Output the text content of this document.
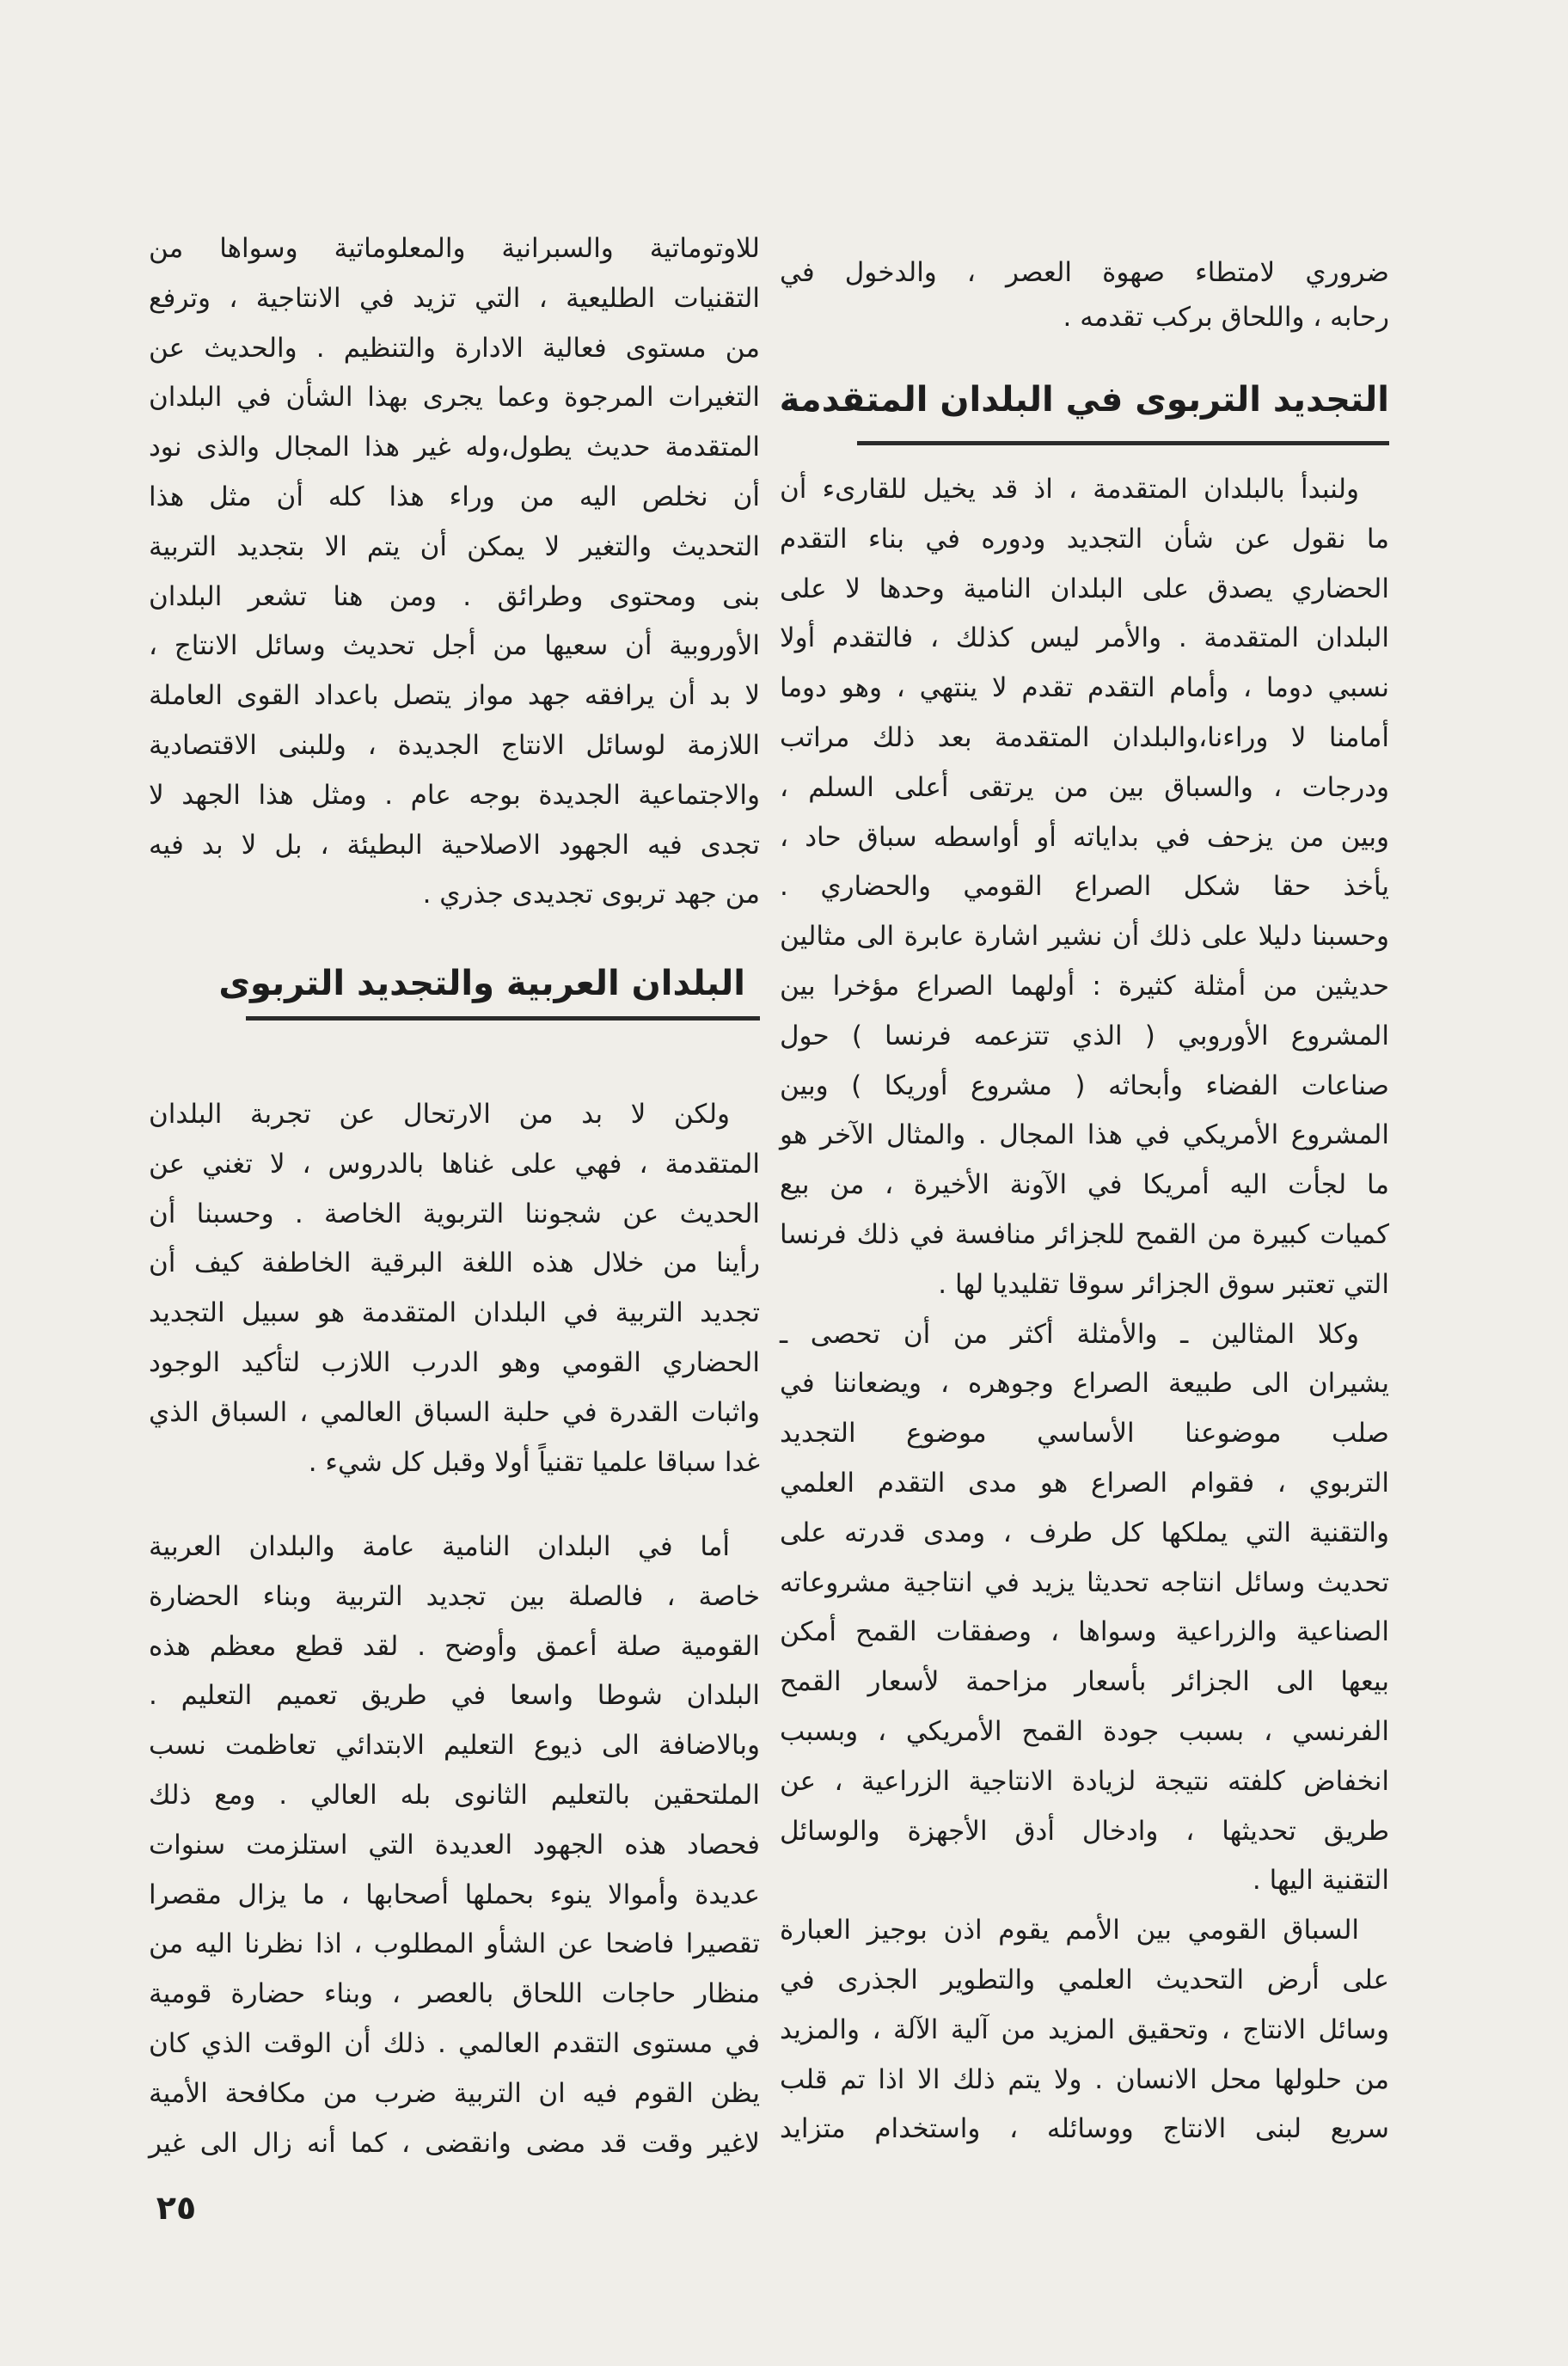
ضروري لامتطاء صهوة العصر ، والدخول في
رحابه ، واللحاق بركب تقدمه .
التجديد التربوى في البلدان المتقدمة
ولنبدأ بالبلدان المتقدمة ، اذ قد يخيل للقارىء أن
ما نقول عن شأن التجديد ودوره في بناء التقدم
الحضاري يصدق على البلدان النامية وحدها لا على
البلدان المتقدمة . والأمر ليس كذلك ، فالتقدم أولا
نسبي دوما ، وأمام التقدم تقدم لا ينتهي ، وهو دوما
أمامنا لا وراءنا،والبلدان المتقدمة بعد ذلك مراتب
ودرجات ، والسباق بين من يرتقى أعلى السلم ،
وبين من يزحف في بداياته أو أواسطه سباق حاد ،
يأخذ حقا شكل الصراع القومي والحضاري .
وحسبنا دليلا على ذلك أن نشير اشارة عابرة الى مثالين
حديثين من أمثلة كثيرة : أولهما الصراع مؤخرا بين
المشروع الأوروبي ( الذي تتزعمه فرنسا ) حول
صناعات الفضاء وأبحاثه ( مشروع أوريكا ) وبين
المشروع الأمريكي في هذا المجال . والمثال الآخر هو
ما لجأت اليه أمريكا في الآونة الأخيرة ، من بيع
كميات كبيرة من القمح للجزائر منافسة في ذلك فرنسا
التي تعتبر سوق الجزائر سوقا تقليديا لها .
وكلا المثالين ـ والأمثلة أكثر من أن تحصى ـ
يشيران الى طبيعة الصراع وجوهره ، ويضعاننا في
صلب موضوعنا الأساسي موضوع التجديد
التربوي ، فقوام الصراع هو مدى التقدم العلمي
والتقنية التي يملكها كل طرف ، ومدى قدرته على
تحديث وسائل انتاجه تحديثا يزيد في انتاجية مشروعاته
الصناعية والزراعية وسواها ، وصفقات القمح أمكن
بيعها الى الجزائر بأسعار مزاحمة لأسعار القمح
الفرنسي ، بسبب جودة القمح الأمريكي ، وبسبب
انخفاض كلفته نتيجة لزيادة الانتاجية الزراعية ، عن
طريق تحديثها ، وادخال أدق الأجهزة والوسائل
التقنية اليها .
السباق القومي بين الأمم يقوم اذن بوجيز العبارة
على أرض التحديث العلمي والتطوير الجذرى في
وسائل الانتاج ، وتحقيق المزيد من آلية الآلة ، والمزيد
من حلولها محل الانسان . ولا يتم ذلك الا اذا تم قلب
سريع لبنى الانتاج ووسائله ، واستخدام متزايد
للاوتوماتية والسبرانية والمعلوماتية وسواها من
التقنيات الطليعية ، التي تزيد في الانتاجية ، وترفع
من مستوى فعالية الادارة والتنظيم . والحديث عن
التغيرات المرجوة وعما يجرى بهذا الشأن في البلدان
المتقدمة حديث يطول،وله غير هذا المجال والذى نود
أن نخلص اليه من وراء هذا كله أن مثل هذا
التحديث والتغير لا يمكن أن يتم الا بتجديد التربية
بنى ومحتوى وطرائق . ومن هنا تشعر البلدان
الأوروبية أن سعيها من أجل تحديث وسائل الانتاج ،
لا بد أن يرافقه جهد مواز يتصل باعداد القوى العاملة
اللازمة لوسائل الانتاج الجديدة ، وللبنى الاقتصادية
والاجتماعية الجديدة بوجه عام . ومثل هذا الجهد لا
تجدى فيه الجهود الاصلاحية البطيئة ، بل لا بد فيه
من جهد تربوى تجديدى جذري .
البلدان العربية والتجديد التربوى
ولكن لا بد من الارتحال عن تجربة البلدان
المتقدمة ، فهي على غناها بالدروس ، لا تغني عن
الحديث عن شجوننا التربوية الخاصة . وحسبنا أن
رأينا من خلال هذه اللغة البرقية الخاطفة كيف أن
تجديد التربية في البلدان المتقدمة هو سبيل التجديد
الحضاري القومي وهو الدرب اللازب لتأكيد الوجود
واثبات القدرة في حلبة السباق العالمي ، السباق الذي
غدا سباقا علميا تقنياً أولا وقبل كل شيء .
أما في البلدان النامية عامة والبلدان العربية
خاصة ، فالصلة بين تجديد التربية وبناء الحضارة
القومية صلة أعمق وأوضح . لقد قطع معظم هذه
البلدان شوطا واسعا في طريق تعميم التعليم .
وبالاضافة الى ذيوع التعليم الابتدائي تعاظمت نسب
الملتحقين بالتعليم الثانوى بله العالي . ومع ذلك
فحصاد هذه الجهود العديدة التي استلزمت سنوات
عديدة وأموالا ينوء بحملها أصحابها ، ما يزال مقصرا
تقصيرا فاضحا عن الشأو المطلوب ، اذا نظرنا اليه من
منظار حاجات اللحاق بالعصر ، وبناء حضارة قومية
في مستوى التقدم العالمي . ذلك أن الوقت الذي كان
يظن القوم فيه ان التربية ضرب من مكافحة الأمية
لاغير وقت قد مضى وانقضى ، كما أنه زال الى غير
٢٥
